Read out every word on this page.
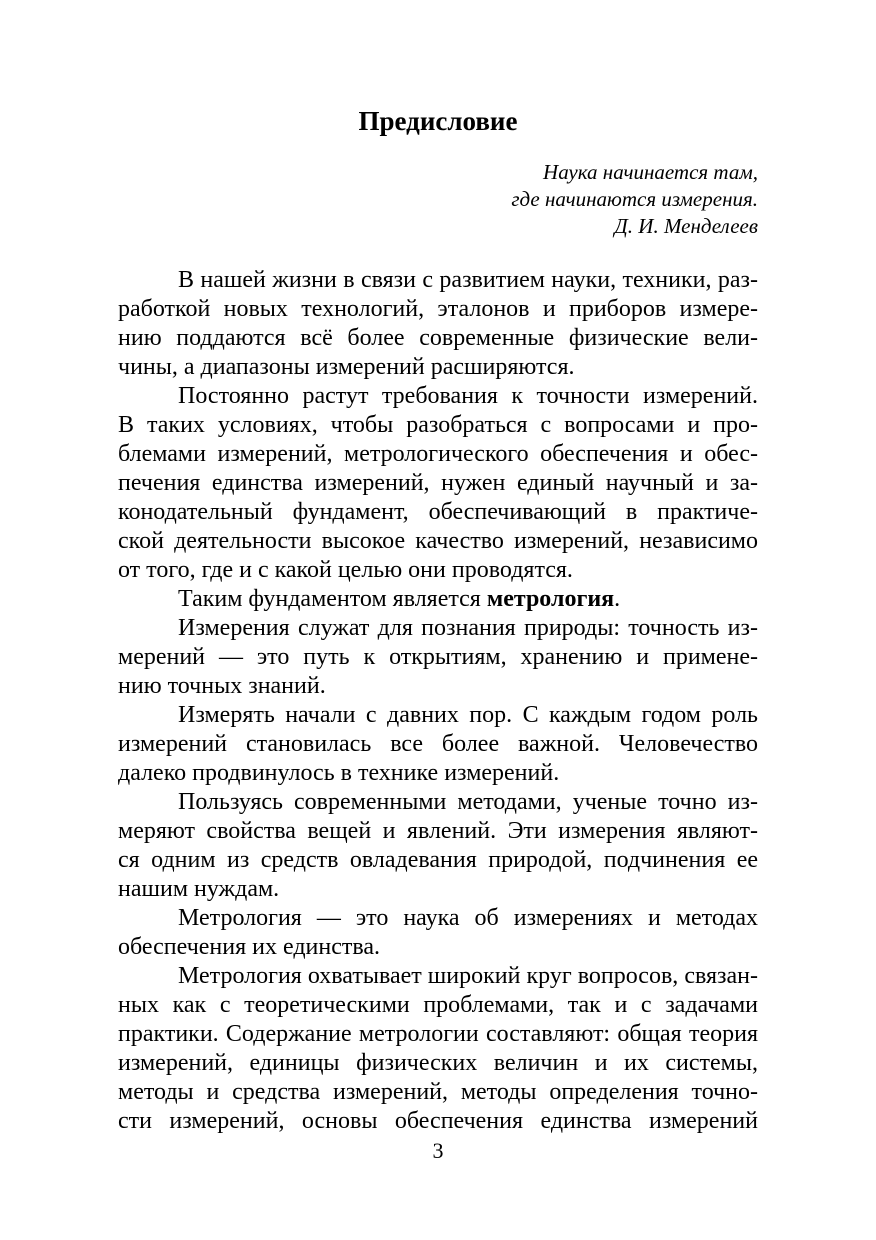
Предисловие
Наука начинается там,
где начинаются измерения.
Д. И. Менделеев
В нашей жизни в связи с развитием науки, техники, раз-
работкой новых технологий, эталонов и приборов измере-
нию поддаются всё более современные физические вели-
чины, а диапазоны измерений расширяются.
Постоянно растут требования к точности измерений.
В таких условиях, чтобы разобраться с вопросами и про-
блемами измерений, метрологического обеспечения и обес-
печения единства измерений, нужен единый научный и за-
конодательный фундамент, обеспечивающий в практиче-
ской деятельности высокое качество измерений, независимо
от того, где и с какой целью они проводятся.
Таким фундаментом является метрология.
Измерения служат для познания природы: точность из-
мерений — это путь к открытиям, хранению и примене-
нию точных знаний.
Измерять начали с давних пор. С каждым годом роль
измерений становилась все более важной. Человечество
далеко продвинулось в технике измерений.
Пользуясь современными методами, ученые точно из-
меряют свойства вещей и явлений. Эти измерения являют-
ся одним из средств овладевания природой, подчинения ее
нашим нуждам.
Метрология — это наука об измерениях и методах
обеспечения их единства.
Метрология охватывает широкий круг вопросов, связан-
ных как с теоретическими проблемами, так и с задачами
практики. Содержание метрологии составляют: общая теория
измерений, единицы физических величин и их системы,
методы и средства измерений, методы определения точно-
сти измерений, основы обеспечения единства измерений
3
